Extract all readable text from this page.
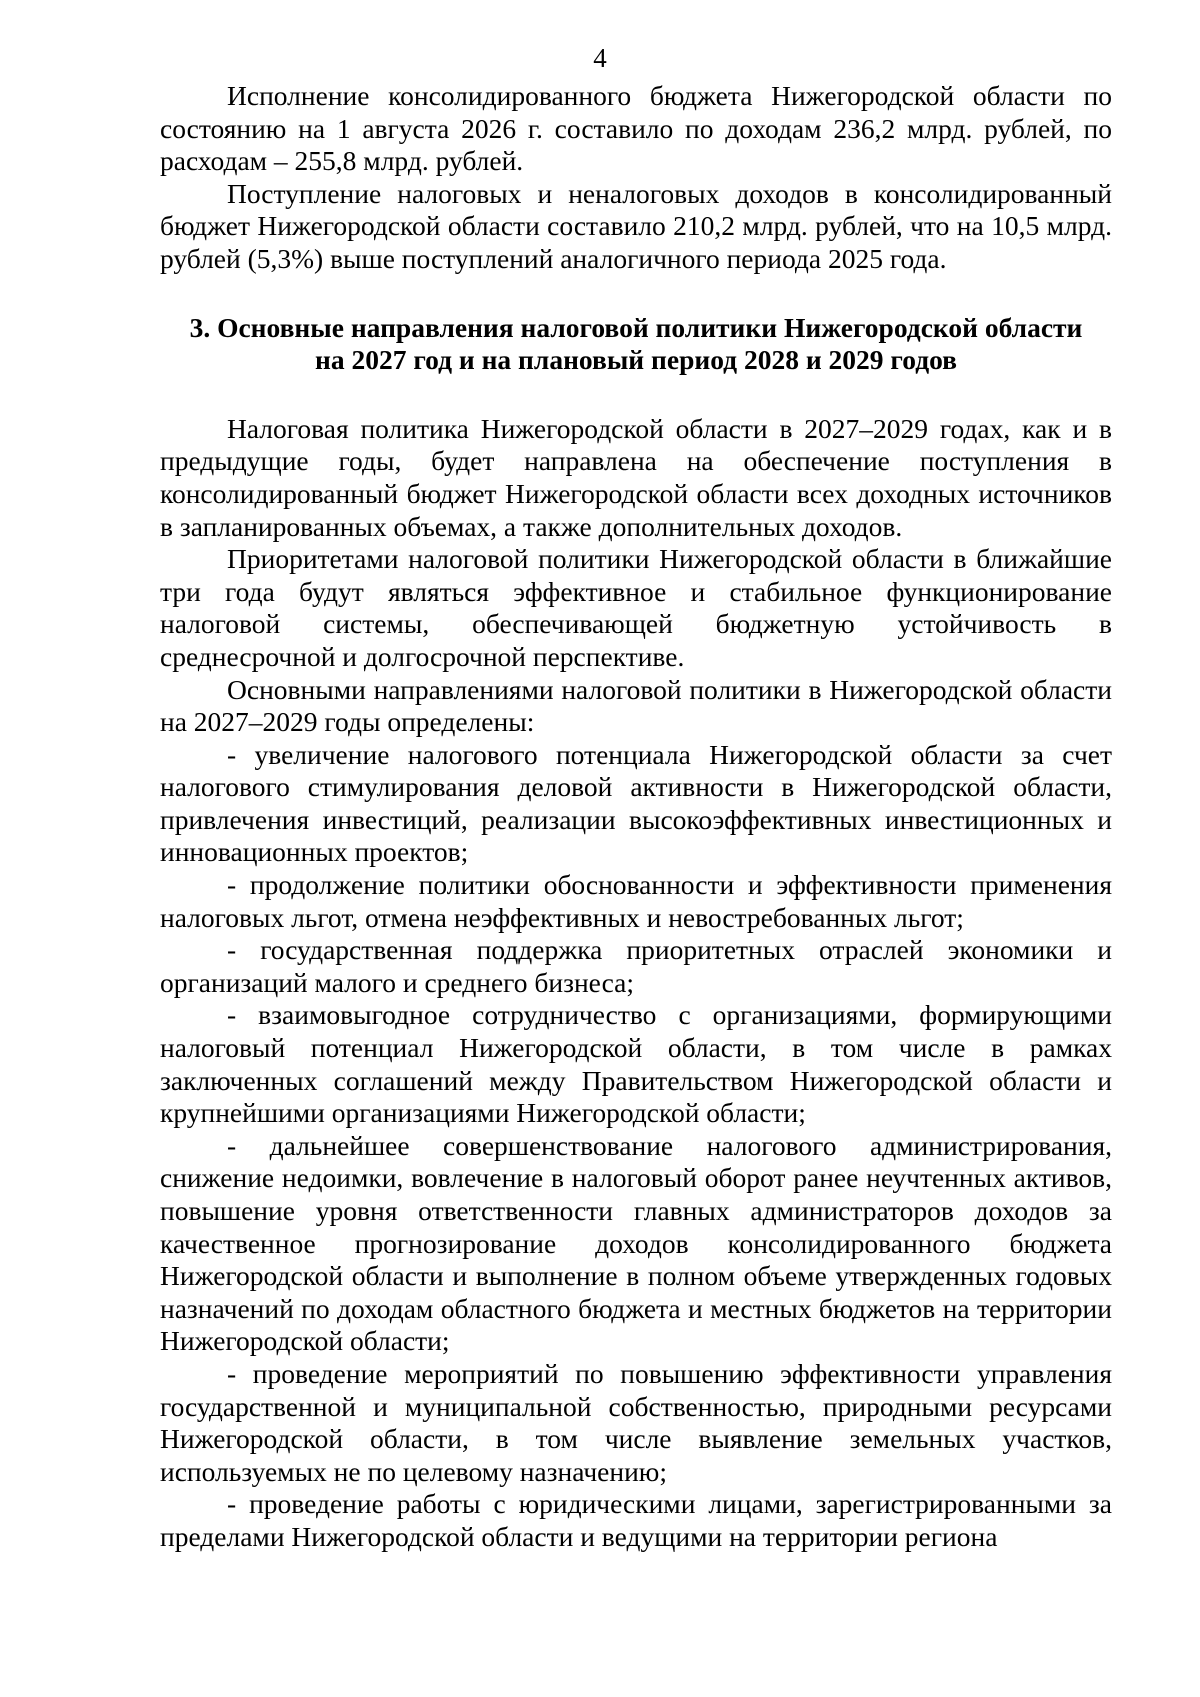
4

Исполнение консолидированного бюджета Нижегородской области по состоянию на 1 августа 2026 г. составило по доходам 236,2 млрд. рублей, по расходам – 255,8 млрд. рублей.

Поступление налоговых и неналоговых доходов в консолидированный бюджет Нижегородской области составило 210,2 млрд. рублей, что на 10,5 млрд. рублей (5,3%) выше поступлений аналогичного периода 2025 года.

3. Основные направления налоговой политики Нижегородской области
на 2027 год и на плановый период 2028 и 2029 годов

Налоговая политика Нижегородской области в 2027–2029 годах, как и в предыдущие годы, будет направлена на обеспечение поступления в консолидированный бюджет Нижегородской области всех доходных источников в запланированных объемах, а также дополнительных доходов.

Приоритетами налоговой политики Нижегородской области в ближайшие три года будут являться эффективное и стабильное функционирование налоговой системы, обеспечивающей бюджетную устойчивость в среднесрочной и долгосрочной перспективе.

Основными направлениями налоговой политики в Нижегородской области на 2027–2029 годы определены:

- увеличение налогового потенциала Нижегородской области за счет налогового стимулирования деловой активности в Нижегородской области, привлечения инвестиций, реализации высокоэффективных инвестиционных и инновационных проектов;

- продолжение политики обоснованности и эффективности применения налоговых льгот, отмена неэффективных и невостребованных льгот;

- государственная поддержка приоритетных отраслей экономики и организаций малого и среднего бизнеса;

- взаимовыгодное сотрудничество с организациями, формирующими налоговый потенциал Нижегородской области, в том числе в рамках заключенных соглашений между Правительством Нижегородской области и крупнейшими организациями Нижегородской области;

- дальнейшее совершенствование налогового администрирования, снижение недоимки, вовлечение в налоговый оборот ранее неучтенных активов, повышение уровня ответственности главных администраторов доходов за качественное прогнозирование доходов консолидированного бюджета Нижегородской области и выполнение в полном объеме утвержденных годовых назначений по доходам областного бюджета и местных бюджетов на территории Нижегородской области;

- проведение мероприятий по повышению эффективности управления государственной и муниципальной собственностью, природными ресурсами Нижегородской области, в том числе выявление земельных участков, используемых не по целевому назначению;

- проведение работы с юридическими лицами, зарегистрированными за пределами Нижегородской области и ведущими на территории региона
